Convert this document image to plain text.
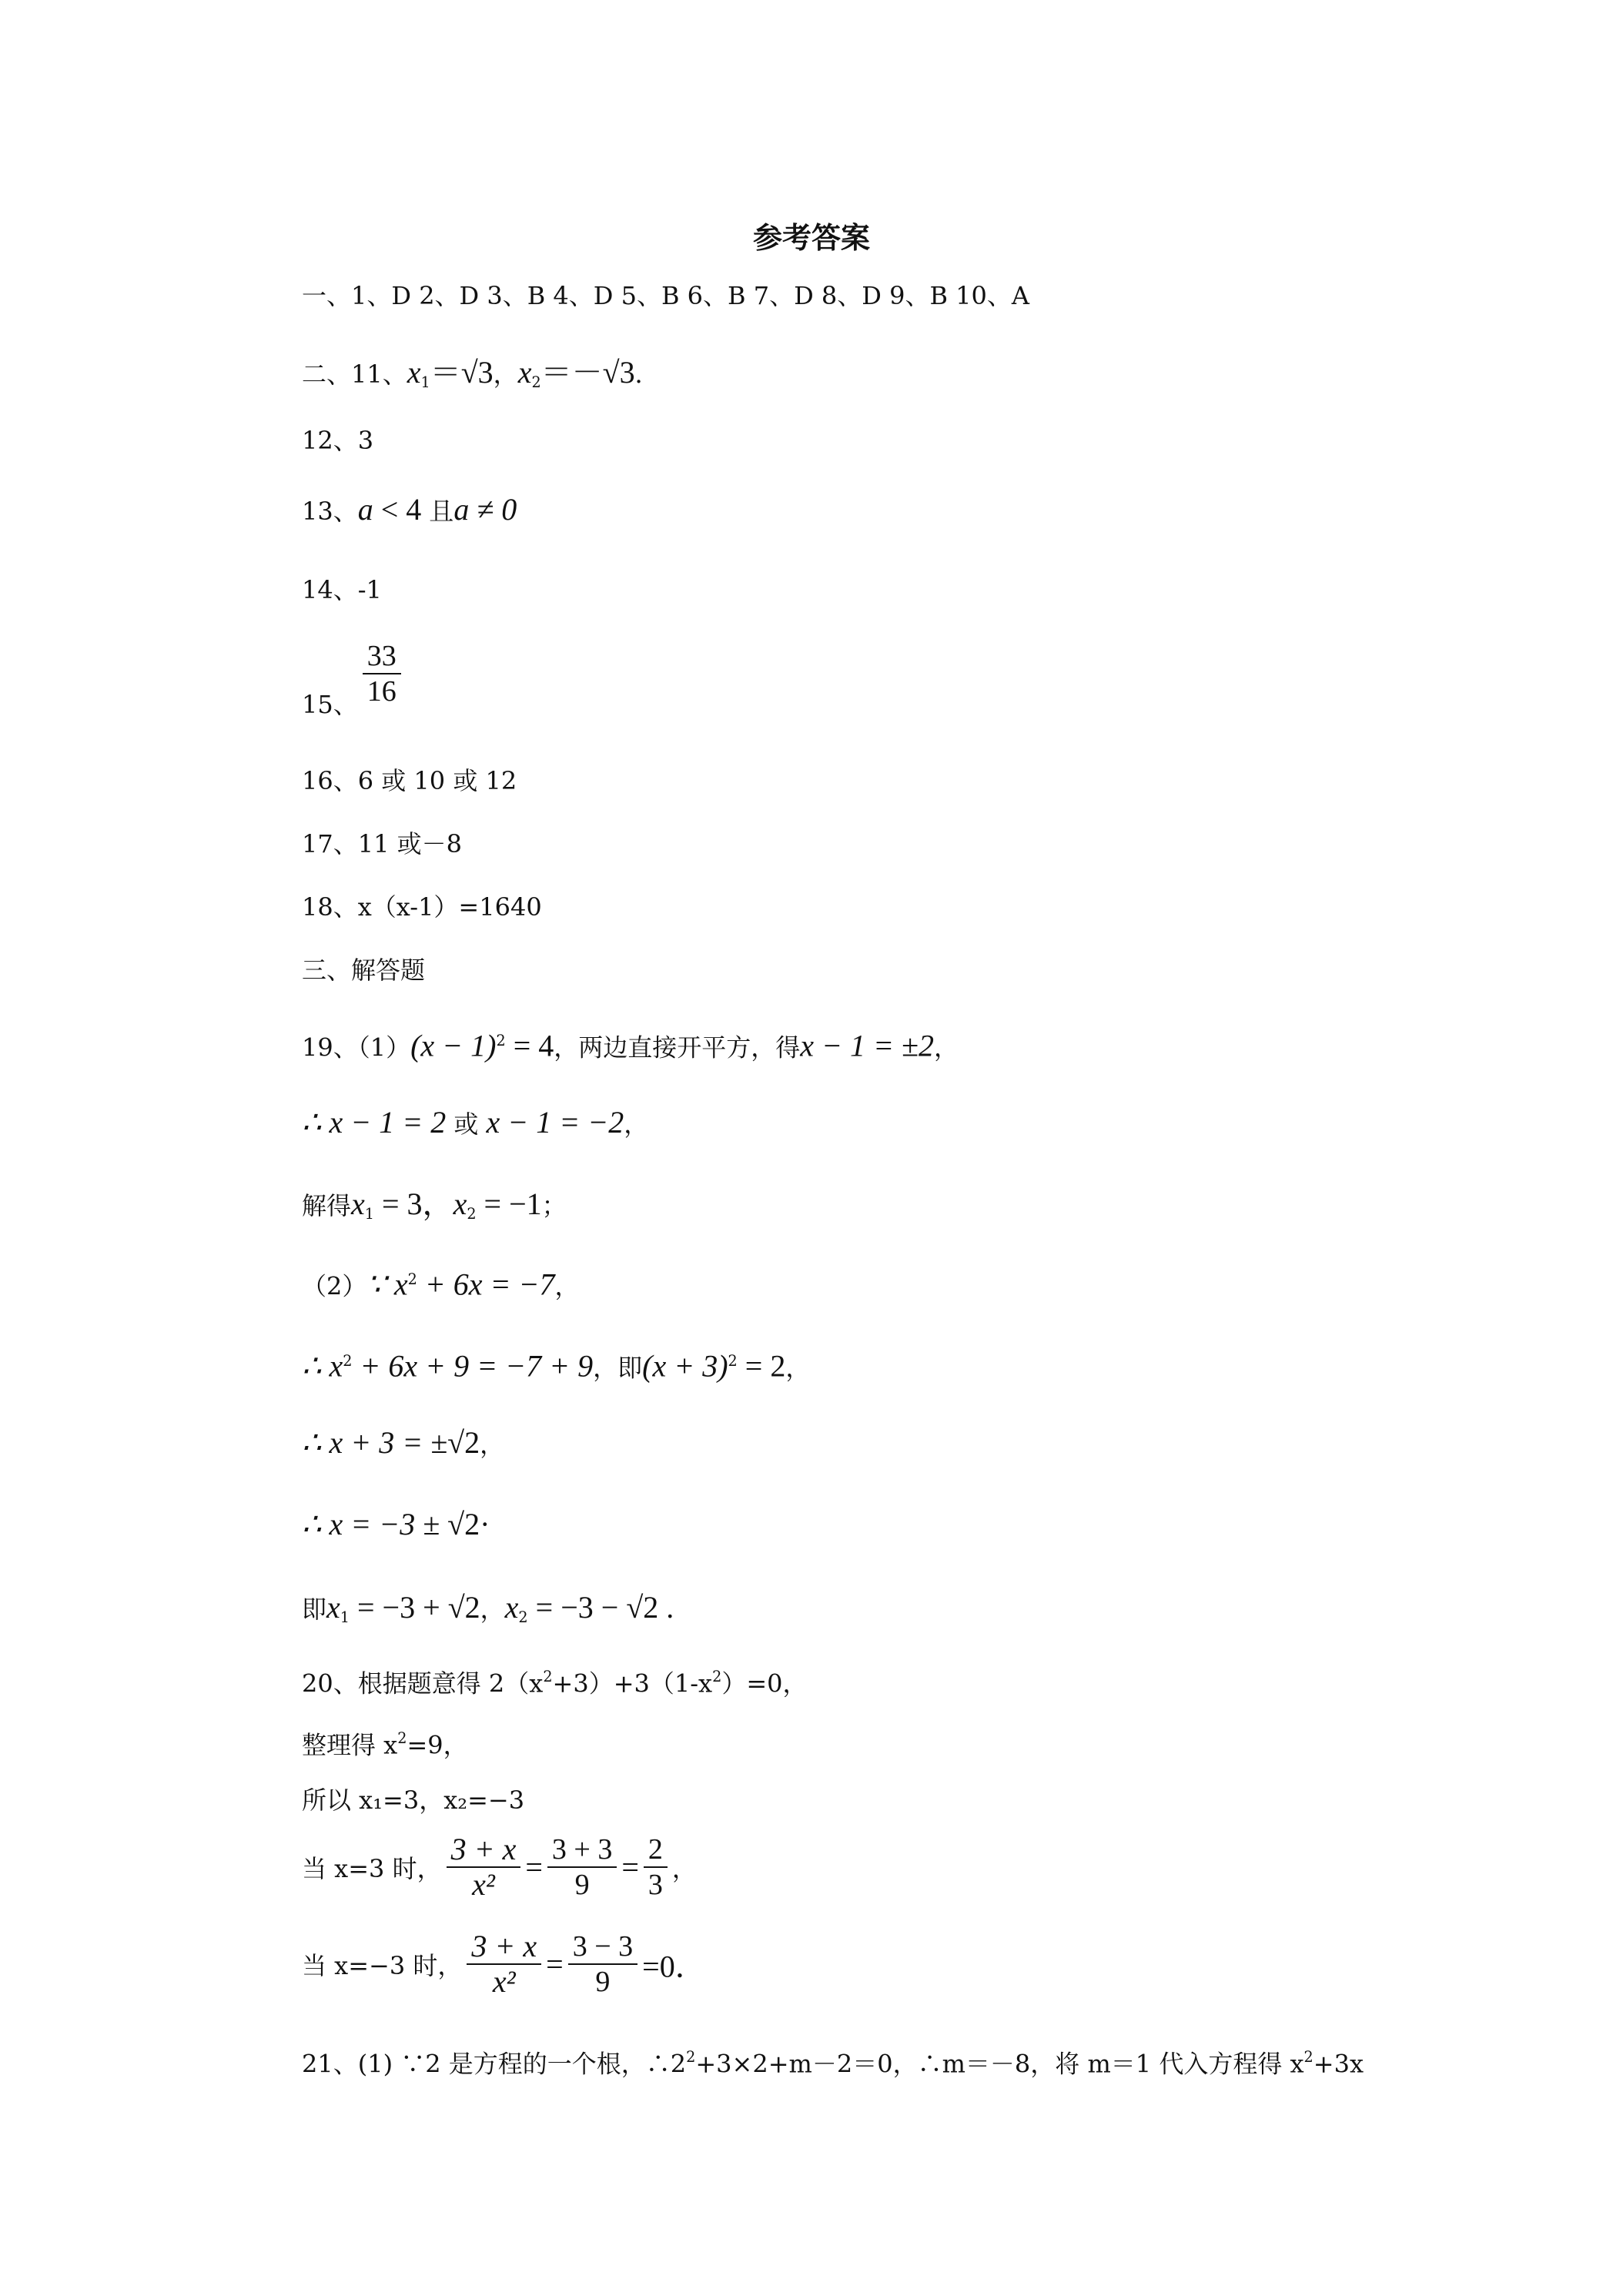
参考答案
一、1、D 2、D 3、B 4、D 5、B 6、B 7、D 8、D 9、B 10、A
二、11、$x_1=√3$，$x_2=-√3$．
12、3
13、a < 4 且a ≠ 0
14、-1
15、 $\frac{33}{16}$
16、6 或 10 或 12
17、11 或－8
18、x（x-1）=1640
三、解答题
19、$(1)(x - 1)^2 = 4$，两边直接开平方，得x − 1 = ±2，
∴ x − 1 = 2 或 x − 1 = −2，
解得$x_1 = 3$，$x_2 = -1$；
（2）∵ $x^2 + 6x = -7$，
∴ $x^2 + 6x + 9 = -7 + 9$，即$(x + 3)^2 = 2$，
∴ x + 3 = ±√2，
∴ x = −3 ± √2·
即$x_1 = -3 + √2$，$x_2 = -3 - √2$ .
20、根据题意得 $2(x^2+3)+3(1-x^2)=0$，
整理得 $x^2=9$，
所以 x₁=3，x₂=−3
当 x=3 时， $\frac{3 + x}{\text{x²}} = \frac{3 + 3}{9} = \frac{2}{3}$ ，
当 x=−3 时， $\frac{3 + x}{\text{x²}} = \frac{3 - 3}{9} =0$．
21、(1) ∵2 是方程的一个根，$\therefore 2^2+3\times 2+m-2=0$，∴m＝－8，将 m＝1 代入方程得 $x^2+3x$
